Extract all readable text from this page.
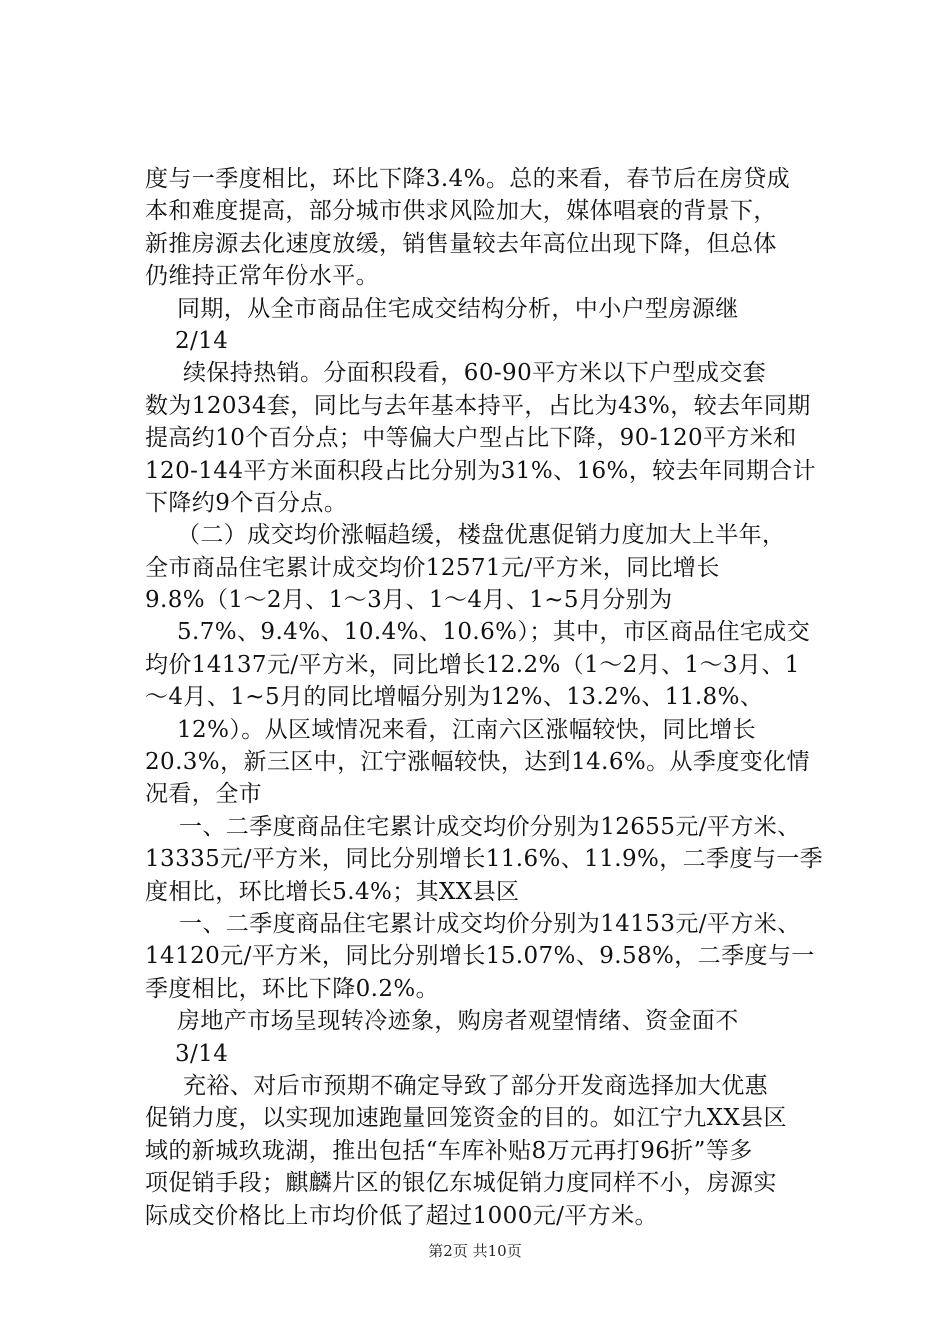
度与一季度相比，环比下降3.4%。总的来看，春节后在房贷成
本和难度提高，部分城市供求风险加大，媒体唱衰的背景下，
新推房源去化速度放缓，销售量较去年高位出现下降，但总体
仍维持正常年份水平。
同期，从全市商品住宅成交结构分析，中小户型房源继
2/14
续保持热销。分面积段看，60-90平方米以下户型成交套
数为12034套，同比与去年基本持平，占比为43%，较去年同期
提高约10个百分点；中等偏大户型占比下降，90-120平方米和
120-144平方米面积段占比分别为31%、16%，较去年同期合计
下降约9个百分点。
（二）成交均价涨幅趋缓，楼盘优惠促销力度加大上半年，
全市商品住宅累计成交均价12571元/平方米，同比增长
9.8%（1～2月、1～3月、1～4月、1~5月分别为
5.7%、9.4%、10.4%、10.6%）；其中，市区商品住宅成交
均价14137元/平方米，同比增长12.2%（1～2月、1～3月、1
～4月、1~5月的同比增幅分别为12%、13.2%、11.8%、
12%）。从区域情况来看，江南六区涨幅较快，同比增长
20.3%，新三区中，江宁涨幅较快，达到14.6%。从季度变化情
况看，全市
一、二季度商品住宅累计成交均价分别为12655元/平方米、
13335元/平方米，同比分别增长11.6%、11.9%，二季度与一季
度相比，环比增长5.4%；其XX县区
一、二季度商品住宅累计成交均价分别为14153元/平方米、
14120元/平方米，同比分别增长15.07%、9.58%，二季度与一
季度相比，环比下降0.2%。
房地产市场呈现转冷迹象，购房者观望情绪、资金面不
3/14
充裕、对后市预期不确定导致了部分开发商选择加大优惠
促销力度，以实现加速跑量回笼资金的目的。如江宁九XX县区
域的新城玖珑湖，推出包括“车库补贴8万元再打96折”等多
项促销手段；麒麟片区的银亿东城促销力度同样不小，房源实
际成交价格比上市均价低了超过1000元/平方米。
第2页 共10页
